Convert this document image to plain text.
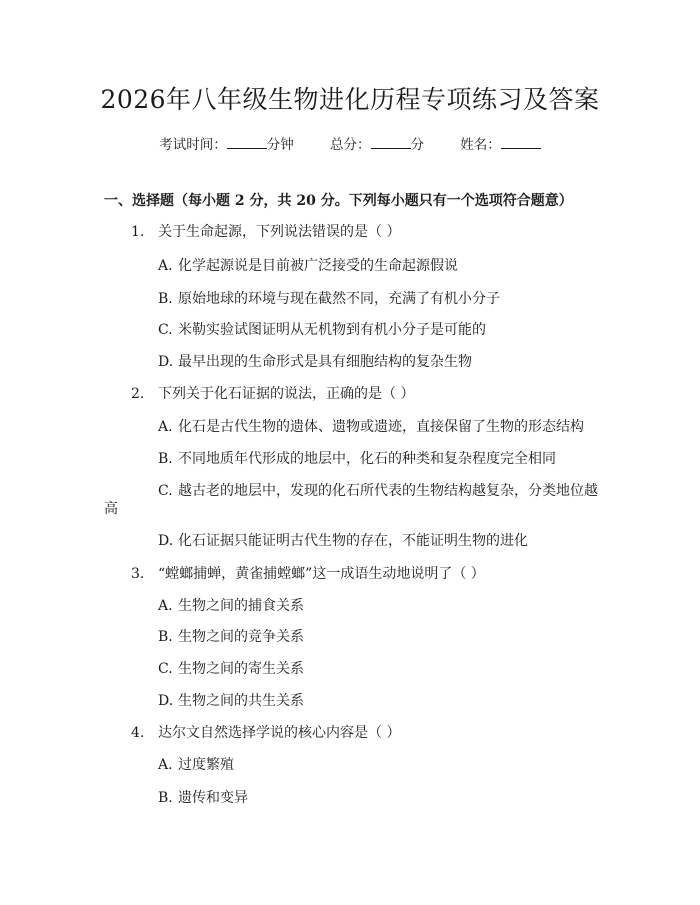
2026年八年级生物进化历程专项练习及答案
考试时间：	分钟	总分：	分	姓名：
一、选择题（每小题 2 分，共 20 分。下列每小题只有一个选项符合题意）
1. 关于生命起源，下列说法错误的是（ ）
A. 化学起源说是目前被广泛接受的生命起源假说
B. 原始地球的环境与现在截然不同，充满了有机小分子
C. 米勒实验试图证明从无机物到有机小分子是可能的
D. 最早出现的生命形式是具有细胞结构的复杂生物
2. 下列关于化石证据的说法，正确的是（ ）
A. 化石是古代生物的遗体、遗物或遗迹，直接保留了生物的形态结构
B. 不同地质年代形成的地层中，化石的种类和复杂程度完全相同
C. 越古老的地层中，发现的化石所代表的生物结构越复杂，分类地位越
高
D. 化石证据只能证明古代生物的存在，不能证明生物的进化
3. “螳螂捕蝉，黄雀捕螳螂”这一成语生动地说明了（ ）
A. 生物之间的捕食关系
B. 生物之间的竞争关系
C. 生物之间的寄生关系
D. 生物之间的共生关系
4. 达尔文自然选择学说的核心内容是（ ）
A. 过度繁殖
B. 遗传和变异
